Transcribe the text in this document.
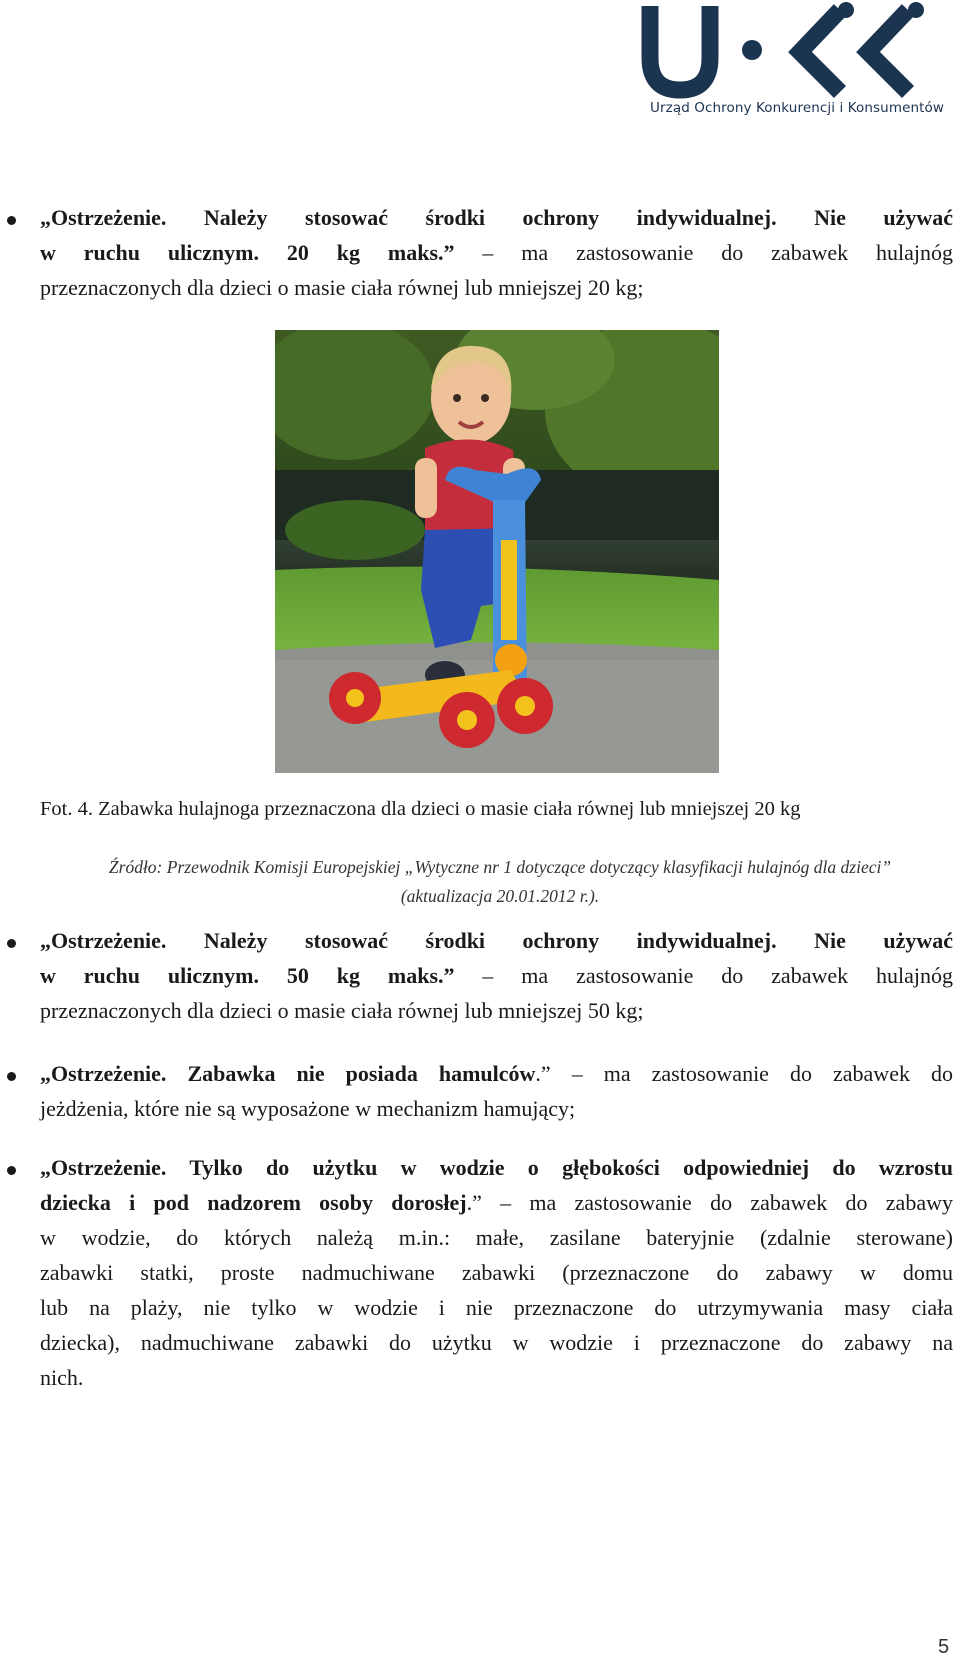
Urząd Ochrony Konkurencji i Konsumentów
„Ostrzeżenie. Należy stosować środki ochrony indywidualnej. Nie używać
w ruchu ulicznym. 20 kg maks.” – ma zastosowanie do zabawek hulajnóg
przeznaczonych dla dzieci o masie ciała równej lub mniejszej 20 kg;
Fot. 4. Zabawka hulajnoga przeznaczona dla dzieci o masie ciała równej lub mniejszej 20 kg
Źródło: Przewodnik Komisji Europejskiej „Wytyczne nr 1 dotyczące dotyczący klasyfikacji hulajnóg dla dzieci”
(aktualizacja 20.01.2012 r.).
„Ostrzeżenie. Należy stosować środki ochrony indywidualnej. Nie używać
w ruchu ulicznym. 50 kg maks.” – ma zastosowanie do zabawek hulajnóg
przeznaczonych dla dzieci o masie ciała równej lub mniejszej 50 kg;
„Ostrzeżenie. Zabawka nie posiada hamulców.” – ma zastosowanie do zabawek do
jeżdżenia, które nie są wyposażone w mechanizm hamujący;
„Ostrzeżenie. Tylko do użytku w wodzie o głębokości odpowiedniej do wzrostu
dziecka i pod nadzorem osoby dorosłej.” – ma zastosowanie do zabawek do zabawy
w wodzie, do których należą m.in.: małe, zasilane bateryjnie (zdalnie sterowane)
zabawki statki, proste nadmuchiwane zabawki (przeznaczone do zabawy w domu
lub na plaży, nie tylko w wodzie i nie przeznaczone do utrzymywania masy ciała
dziecka), nadmuchiwane zabawki do użytku w wodzie i przeznaczone do zabawy na
nich.
5
